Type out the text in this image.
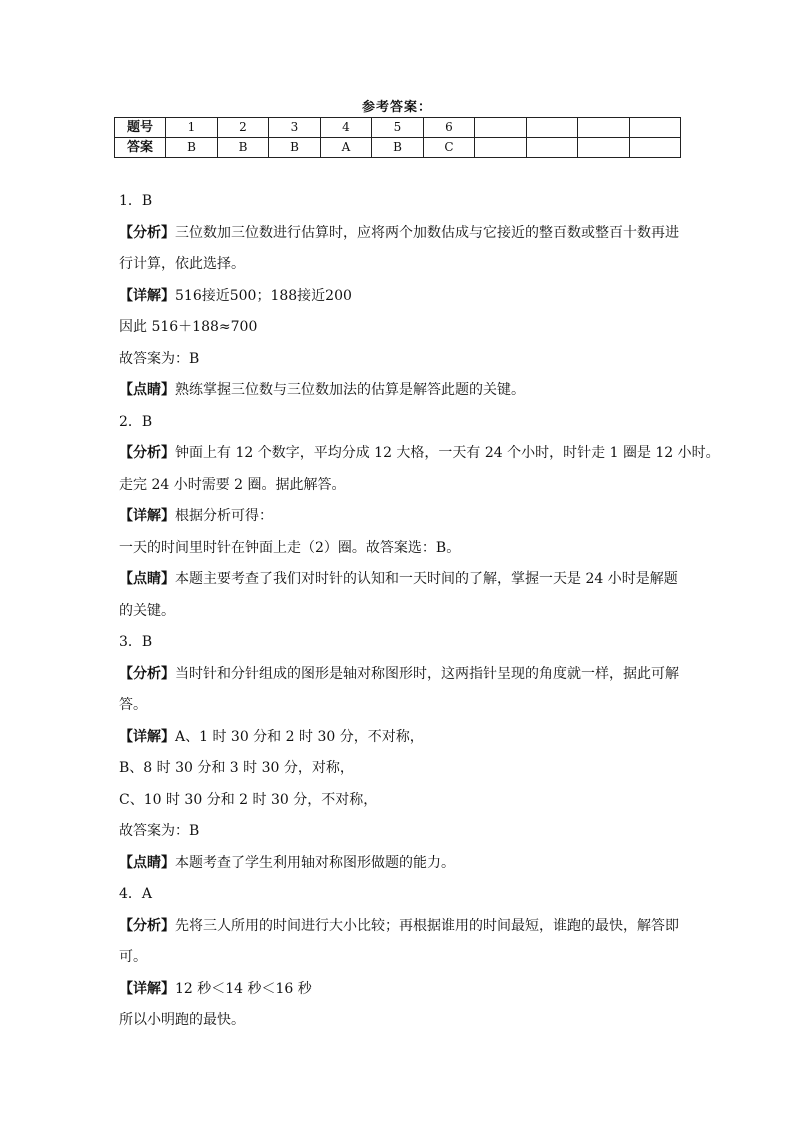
参考答案：
题号	1	2	3	4	5	6				
答案	B	B	B	A	B	C				
1．B
【分析】三位数加三位数进行估算时，应将两个加数估成与它接近的整百数或整百十数再进
行计算，依此选择。
【详解】516接近500；188接近200
因此 516＋188≈700
故答案为：B
【点睛】熟练掌握三位数与三位数加法的估算是解答此题的关键。
2．B
【分析】钟面上有 12 个数字，平均分成 12 大格，一天有 24 个小时，时针走 1 圈是 12 小时。
走完 24 小时需要 2 圈。据此解答。
【详解】根据分析可得：
一天的时间里时针在钟面上走（2）圈。故答案选：B。
【点睛】本题主要考查了我们对时针的认知和一天时间的了解，掌握一天是 24 小时是解题
的关键。
3．B
【分析】当时针和分针组成的图形是轴对称图形时，这两指针呈现的角度就一样，据此可解
答。
【详解】A、1 时 30 分和 2 时 30 分，不对称，
B、8 时 30 分和 3 时 30 分，对称，
C、10 时 30 分和 2 时 30 分，不对称，
故答案为：B
【点睛】本题考查了学生利用轴对称图形做题的能力。
4．A
【分析】先将三人所用的时间进行大小比较；再根据谁用的时间最短，谁跑的最快，解答即
可。
【详解】12 秒＜14 秒＜16 秒
所以小明跑的最快。
